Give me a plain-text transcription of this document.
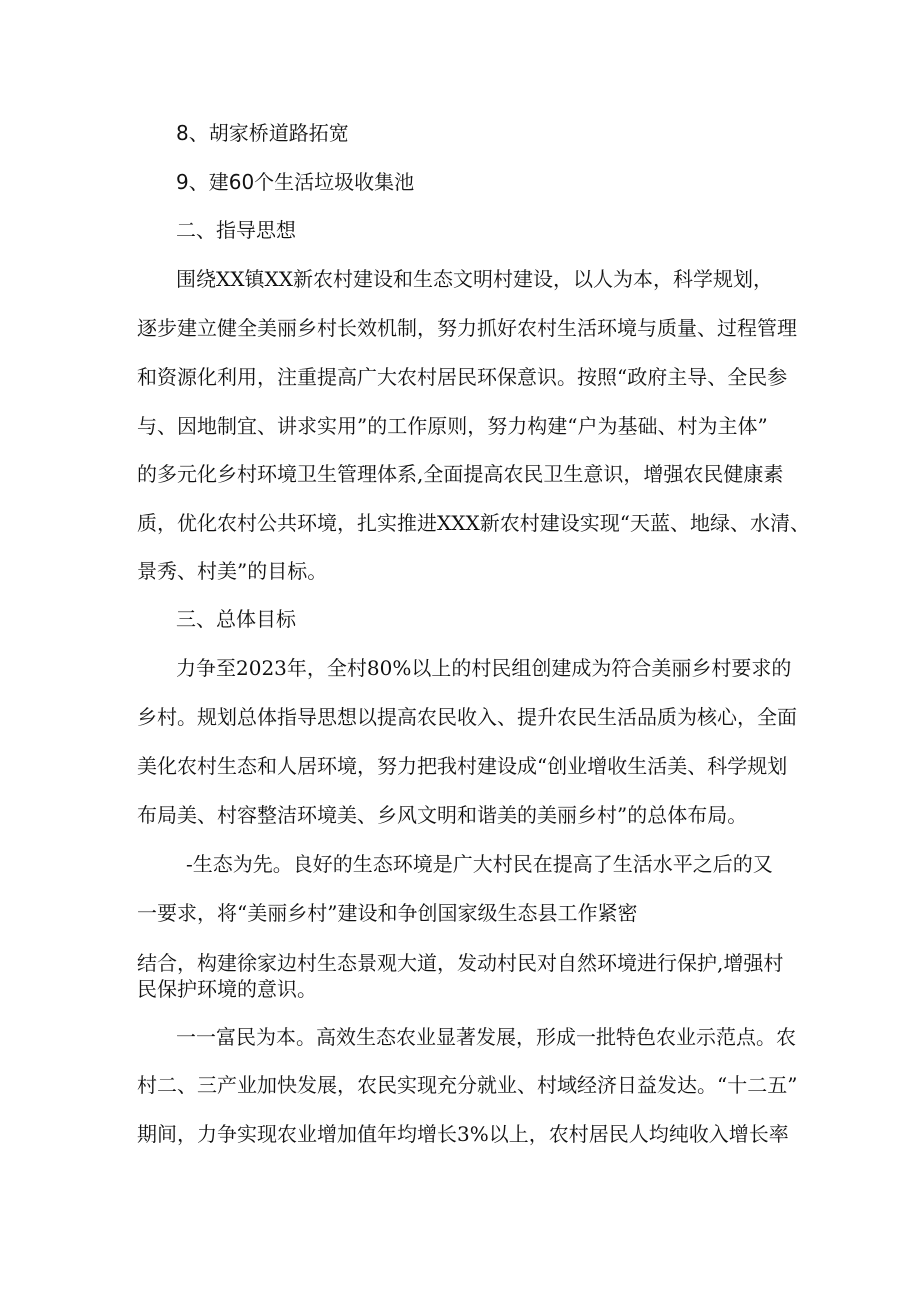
8、胡家桥道路拓宽
9、建60个生活垃圾收集池
二、指导思想
围绕XX镇XX新农村建设和生态文明村建设，以人为本，科学规划，
逐步建立健全美丽乡村长效机制，努力抓好农村生活环境与质量、过程管理
和资源化利用，注重提高广大农村居民环保意识。按照“政府主导、全民参
与、因地制宜、讲求实用”的工作原则，努力构建“户为基础、村为主体”
的多元化乡村环境卫生管理体系,全面提高农民卫生意识，增强农民健康素
质，优化农村公共环境，扎实推进XXX新农村建设实现“天蓝、地绿、水清、
景秀、村美”的目标。
三、总体目标
力争至2023年，全村80%以上的村民组创建成为符合美丽乡村要求的
乡村。规划总体指导思想以提高农民收入、提升农民生活品质为核心，全面
美化农村生态和人居环境，努力把我村建设成“创业增收生活美、科学规划
布局美、村容整洁环境美、乡风文明和谐美的美丽乡村”的总体布局。
-生态为先。良好的生态环境是广大村民在提高了生活水平之后的又
一要求，将“美丽乡村”建设和争创国家级生态县工作紧密
结合，构建徐家边村生态景观大道，发动村民对自然环境进行保护,增强村
民保护环境的意识。
一一富民为本。高效生态农业显著发展，形成一批特色农业示范点。农
村二、三产业加快发展，农民实现充分就业、村域经济日益发达。“十二五”
期间，力争实现农业增加值年均增长3%以上，农村居民人均纯收入增长率
